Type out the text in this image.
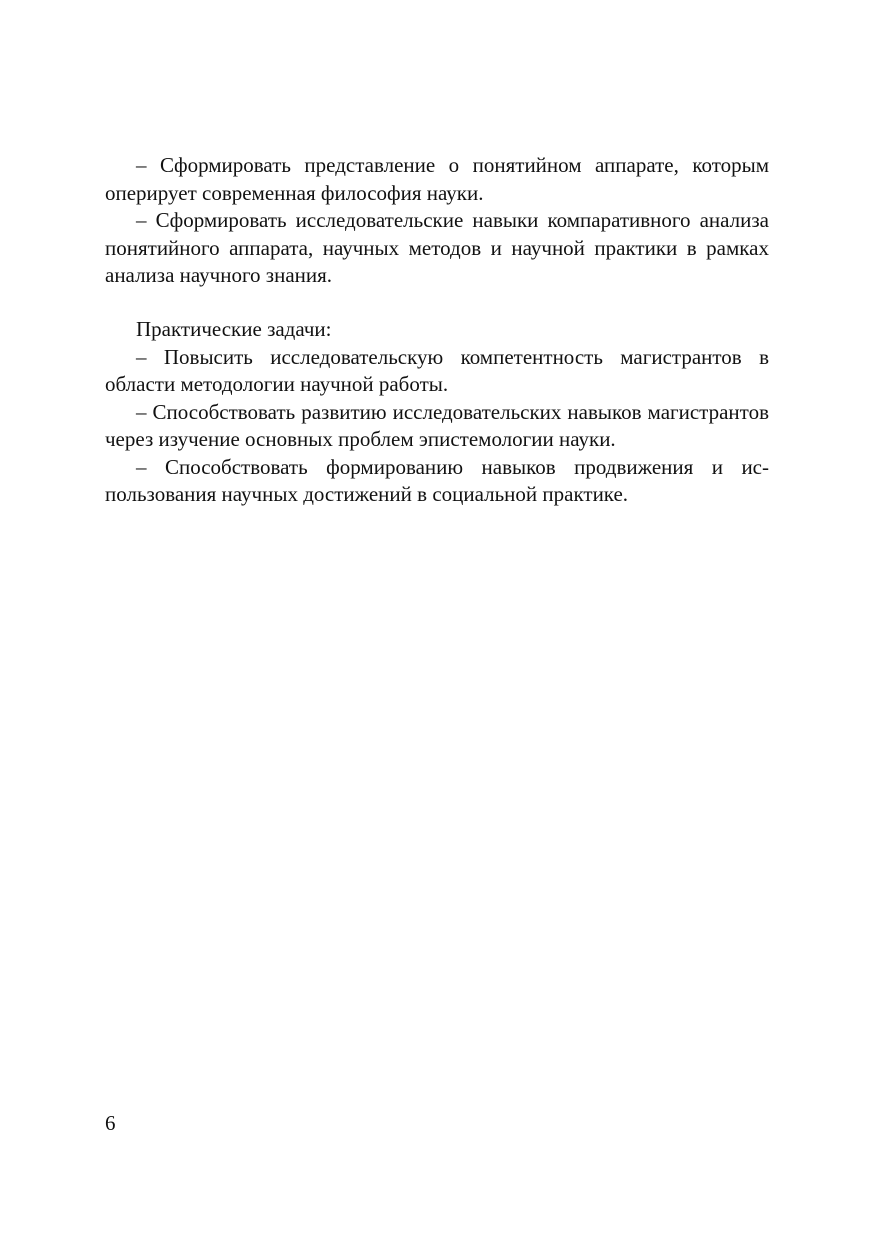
– Сформировать представление о понятийном аппарате, которым оперирует современная философия науки.

– Сформировать исследовательские навыки компаративного анализа понятийного аппарата, научных методов и научной практики в рамках анализа научного знания.

Практические задачи:

– Повысить исследовательскую компетентность магистрантов в области методологии научной работы.

– Способствовать развитию исследовательских навыков магистрантов через изучение основных проблем эпистемологии науки.

– Способствовать формированию навыков продвижения и использования научных достижений в социальной практике.

6
